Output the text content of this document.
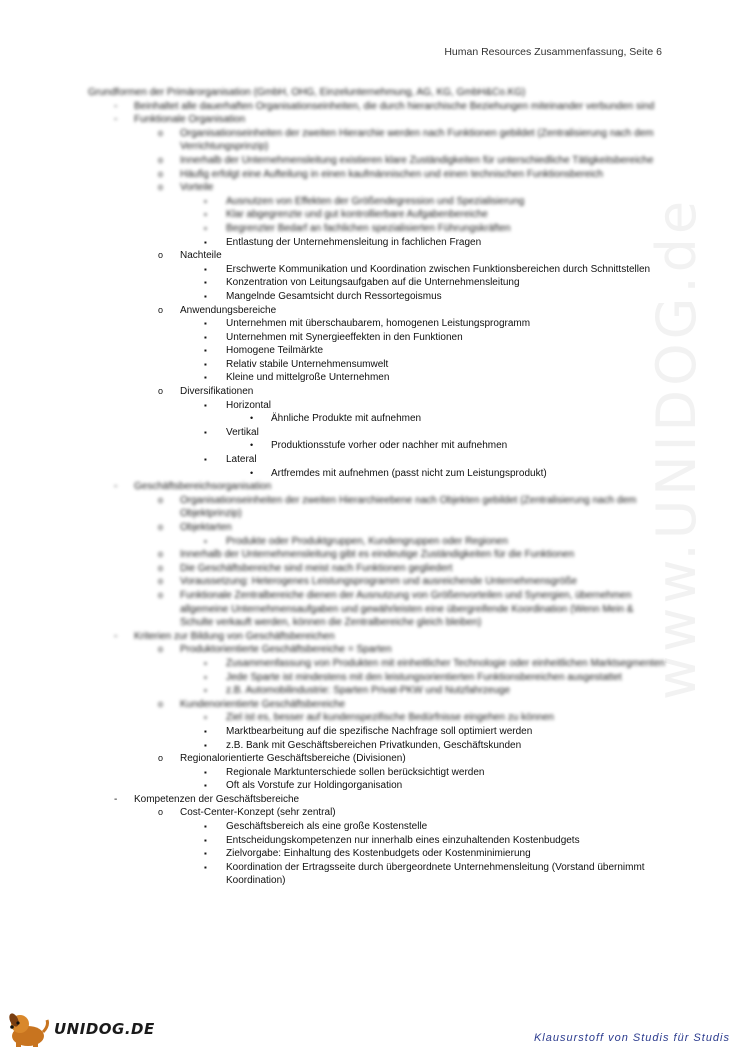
www.UNIDOG.de
Human Resources Zusammenfassung, Seite 6
Grundformen der Primärorganisation (GmbH, OHG, Einzelunternehmung, AG, KG, GmbH&Co.KG)
- Beinhaltet alle dauerhaften Organisationseinheiten, die durch hierarchische Beziehungen miteinander verbunden sind
- Funktionale Organisation
o Organisationseinheiten der zweiten Hierarchie werden nach Funktionen gebildet (Zentralisierung nach dem Verrichtungsprinzip)
o Innerhalb der Unternehmensleitung existieren klare Zuständigkeiten für unterschiedliche Tätigkeitsbereiche
o Häufig erfolgt eine Aufteilung in einen kaufmännischen und einen technischen Funktionsbereich
o Vorteile
▪ Ausnutzen von Effekten der Größendegression und Spezialisierung
▪ Klar abgegrenzte und gut kontrollierbare Aufgabenbereiche
▪ Begrenzter Bedarf an fachlichen spezialisierten Führungskräften
▪ Entlastung der Unternehmensleitung in fachlichen Fragen
o Nachteile
▪ Erschwerte Kommunikation und Koordination zwischen Funktionsbereichen durch Schnittstellen
▪ Konzentration von Leitungsaufgaben auf die Unternehmensleitung
▪ Mangelnde Gesamtsicht durch Ressortegoismus
o Anwendungsbereiche
▪ Unternehmen mit überschaubarem, homogenen Leistungsprogramm
▪ Unternehmen mit Synergieeffekten in den Funktionen
▪ Homogene Teilmärkte
▪ Relativ stabile Unternehmensumwelt
▪ Kleine und mittelgroße Unternehmen
o Diversifikationen
▪ Horizontal
• Ähnliche Produkte mit aufnehmen
▪ Vertikal
• Produktionsstufe vorher oder nachher mit aufnehmen
▪ Lateral
• Artfremdes mit aufnehmen (passt nicht zum Leistungsprodukt)
- Geschäftsbereichsorganisation
o Organisationseinheiten der zweiten Hierarchieebene nach Objekten gebildet (Zentralisierung nach dem Objektprinzip)
o Objektarten
▪ Produkte oder Produktgruppen, Kundengruppen oder Regionen
o Innerhalb der Unternehmensleitung gibt es eindeutige Zuständigkeiten für die Funktionen
o Die Geschäftsbereiche sind meist nach Funktionen gegliedert
o Voraussetzung: Heterogenes Leistungsprogramm und ausreichende Unternehmensgröße
o Funktionale Zentralbereiche dienen der Ausnutzung von Größenvorteilen und Synergien, übernehmen allgemeine Unternehmensaufgaben und gewährleisten eine übergreifende Koordination (Wenn Mein & Schulte verkauft werden, können die Zentralbereiche gleich bleiben)
- Kriterien zur Bildung von Geschäftsbereichen
o Produktorientierte Geschäftsbereiche = Sparten
▪ Zusammenfassung von Produkten mit einheitlicher Technologie oder einheitlichen Marktsegmenten
▪ Jede Sparte ist mindestens mit den leistungsorientierten Funktionsbereichen ausgestattet
▪ z.B. Automobilindustrie: Sparten Privat-PKW und Nutzfahrzeuge
o Kundenorientierte Geschäftsbereiche
▪ Ziel ist es, besser auf kundenspezifische Bedürfnisse eingehen zu können
▪ Marktbearbeitung auf die spezifische Nachfrage soll optimiert werden
▪ z.B. Bank mit Geschäftsbereichen Privatkunden, Geschäftskunden
o Regionalorientierte Geschäftsbereiche (Divisionen)
▪ Regionale Marktunterschiede sollen berücksichtigt werden
▪ Oft als Vorstufe zur Holdingorganisation
- Kompetenzen der Geschäftsbereiche
o Cost-Center-Konzept (sehr zentral)
▪ Geschäftsbereich als eine große Kostenstelle
▪ Entscheidungskompetenzen nur innerhalb eines einzuhaltenden Kostenbudgets
▪ Zielvorgabe: Einhaltung des Kostenbudgets oder Kostenminimierung
▪ Koordination der Ertragsseite durch übergeordnete Unternehmensleitung (Vorstand übernimmt Koordination)
UNIDOG.DE	Klausurstoff von Studis für Studis
